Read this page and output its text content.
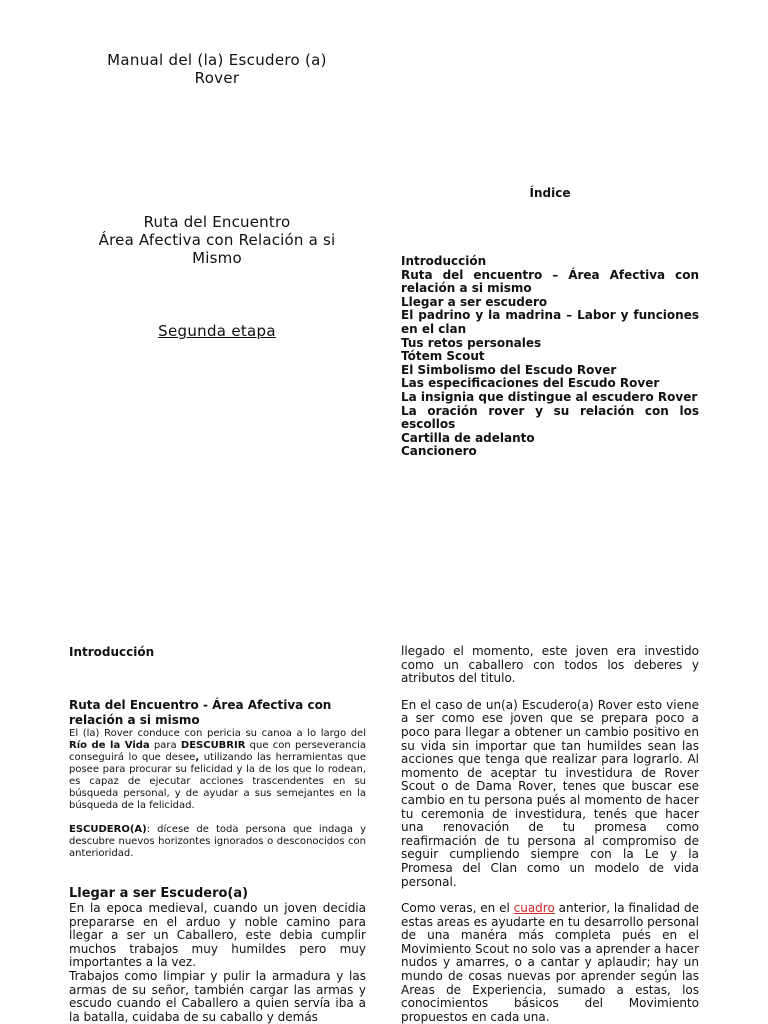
Manual del (la) Escudero (a)
Rover
Ruta del Encuentro
Área Afectiva con Relación a si
Mismo
Segunda etapa
Índice
Introducción
Ruta del encuentro – Área Afectiva con relación a si mismo
Llegar a ser escudero
El padrino y la madrina – Labor y funciones en el clan
Tus retos personales
Tótem Scout
El Simbolismo del Escudo Rover
Las especificaciones del Escudo Rover
La insignia que distingue al escudero Rover
La oración rover y su relación con los escollos
Cartilla de adelanto
Cancionero
Introducción
Ruta del Encuentro - Área Afectiva con
relación a si mismo

El (la) Rover conduce con pericia su canoa a lo largo del Río de la Vida para DESCUBRIR que con perseverancia conseguirá lo que desee, utilizando las herramientas que posee para procurar su felicidad y la de los que lo rodean, es capaz de ejecutar acciones trascendentes en su búsqueda personal, y de ayudar a sus semejantes en la búsqueda de la felicidad.

ESCUDERO(A): dícese de toda persona que indaga y descubre nuevos horizontes ignorados o desconocidos con anterioridad.

Llegar a ser Escudero(a)

En la epoca medieval, cuando un joven decidia prepararse en el arduo y noble camino para llegar a ser un Caballero, este debia cumplir muchos trabajos muy humildes pero muy importantes a la vez.

Trabajos como limpiar y pulir la armadura y las armas de su señor, también cargar las armas y escudo cuando el Caballero a quien servía iba a la batalla, cuidaba de su caballo y demás

llegado el momento, este joven era investido como un caballero con todos los deberes y atributos del titulo.

En el caso de un(a) Escudero(a) Rover esto viene a ser como ese joven que se prepara poco a poco para llegar a obtener un cambio positivo en su vida sin importar que tan humildes sean las acciones que tenga que realizar para lograrlo. Al momento de aceptar tu investidura de Rover Scout o de Dama Rover, tenes que buscar ese cambio en tu persona pués al momento de hacer tu ceremonia de investidura, tenés que hacer una renovación de tu promesa como reafirmación de tu persona al compromiso de seguir cumpliendo siempre con la Le y la Promesa del Clan como un modelo de vida personal.

Como veras, en el cuadro anterior, la finalidad de estas areas es ayudarte en tu desarrollo personal de una manéra más completa pués en el Movimiento Scout no solo vas a aprender a hacer nudos y amarres, o a cantar y aplaudir; hay un mundo de cosas nuevas por aprender según las Areas de Experiencia, sumado a estas, los conocimientos básicos del Movimiento propuestos en cada una.
